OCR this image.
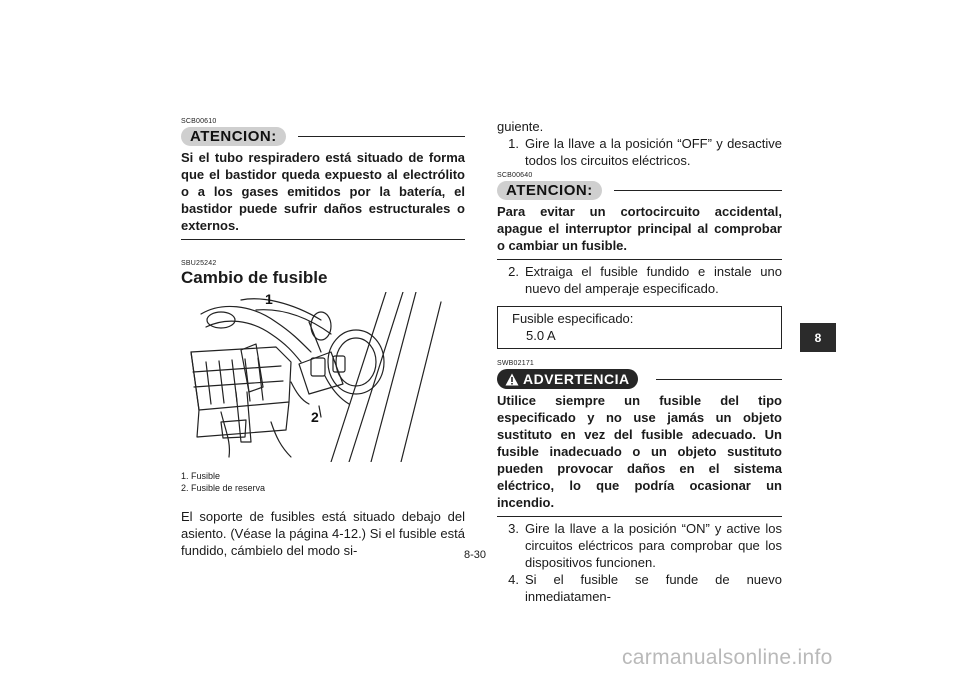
SCB00610
ATENCION:
Si el tubo respiradero está situado de forma que el bastidor queda expuesto al electrólito o a los gases emitidos por la batería, el bastidor puede sufrir daños estructurales o externos.
SBU25242
Cambio de fusible
1
2
1. Fusible
2. Fusible de reserva
El soporte de fusibles está situado debajo del asiento. (Véase la página 4-12.) Si el fusible está fundido, cámbielo del modo si-
guiente.
1. Gire la llave a la posición “OFF” y desactive todos los circuitos eléctricos.
SCB00640
ATENCION:
Para evitar un cortocircuito accidental, apague el interruptor principal al comprobar o cambiar un fusible.
2. Extraiga el fusible fundido e instale uno nuevo del amperaje especificado.
Fusible especificado:
5.0 A
SWB02171
ADVERTENCIA
Utilice siempre un fusible del tipo especificado y no use jamás un objeto sustituto en vez del fusible adecuado. Un fusible inadecuado o un objeto sustituto pueden provocar daños en el sistema eléctrico, lo que podría ocasionar un incendio.
3. Gire la llave a la posición “ON” y active los circuitos eléctricos para comprobar que los dispositivos funcionen.
4. Si el fusible se funde de nuevo inmediatamen-
8
8-30
carmanualsonline.info
